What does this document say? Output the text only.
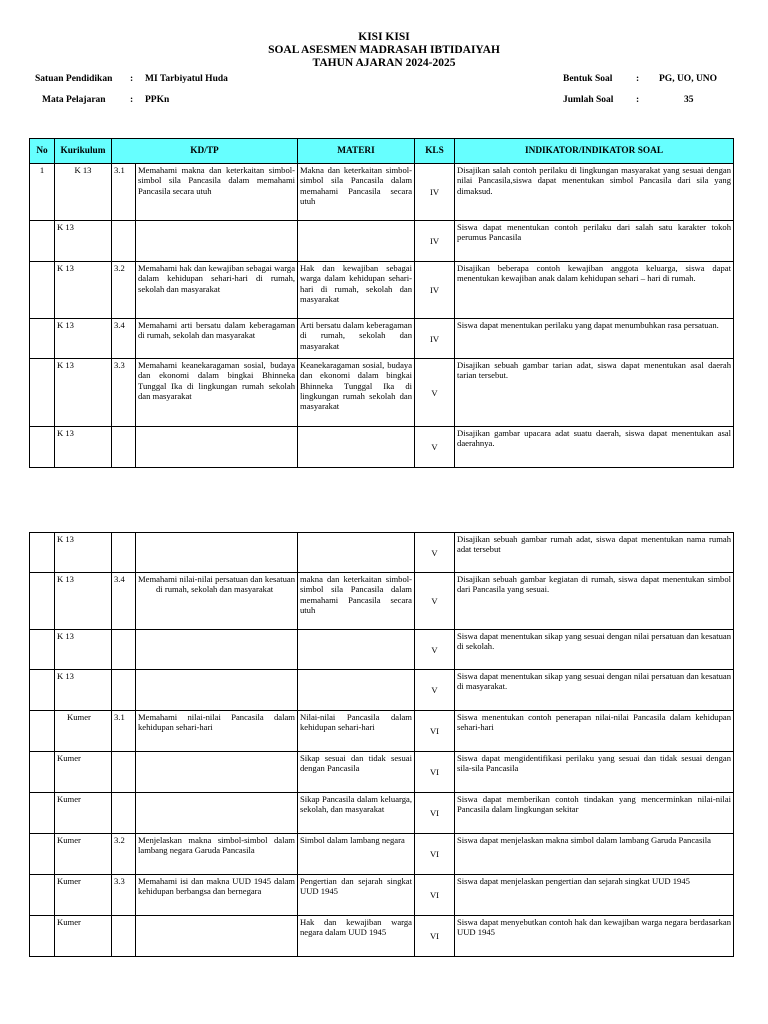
KISI KISI
SOAL ASESMEN MADRASAH IBTIDAIYAH
TAHUN AJARAN 2024-2025
Satuan Pendidikan : MI Tarbiyatul Huda
Mata Pelajaran	: PPKn
Bentuk Soal : PG, UO, UNO
Jumlah Soal :	35
No	Kurikulum	KD/TP		MATERI	KLS	INDIKATOR/INDIKATOR SOAL
1	K 13	3.1	Memahami makna dan keterkaitan simbol-simbol sila Pancasila dalam memahami Pancasila secara utuh	Makna dan keterkaitan simbol-simbol sila Pancasila dalam memahami Pancasila secara utuh	IV	Disajikan salah contoh perilaku di lingkungan masyarakat yang sesuai dengan nilai Pancasila,siswa dapat menentukan simbol Pancasila dari sila yang dimaksud.
	K 13				IV	Siswa dapat menentukan contoh perilaku dari salah satu karakter tokoh perumus Pancasila
	K 13	3.2	Memahami hak dan kewajiban sebagai warga dalam kehidupan sehari-hari di rumah, sekolah dan masyarakat	Hak dan kewajiban sebagai warga dalam kehidupan sehari-hari di rumah, sekolah dan masyarakat	IV	Disajikan beberapa contoh kewajiban anggota keluarga, siswa dapat menentukan kewajiban anak dalam kehidupan sehari – hari di rumah.
	K 13	3.4	Memahami arti bersatu dalam keberagaman di rumah, sekolah dan masyarakat	Arti bersatu dalam keberagaman di rumah, sekolah dan masyarakat	IV	Siswa dapat menentukan perilaku yang dapat menumbuhkan rasa persatuan.
	K 13	3.3	Memahami keanekaragaman sosial, budaya dan ekonomi dalam bingkai Bhinneka Tunggal Ika di lingkungan rumah sekolah dan masyarakat	Keanekaragaman sosial, budaya dan ekonomi dalam bingkai Bhinneka Tunggal Ika di lingkungan rumah sekolah dan masyarakat	V	Disajikan sebuah gambar tarian adat, siswa dapat menentukan asal daerah tarian tersebut.
	K 13				V	Disajikan gambar upacara adat suatu daerah, siswa dapat menentukan asal daerahnya.
	K 13				V	Disajikan sebuah gambar rumah adat, siswa dapat menentukan nama rumah adat tersebut
	K 13	3.4	Memahami nilai-nilai persatuan dan kesatuan di rumah, sekolah dan masyarakat	makna dan keterkaitan simbol-simbol sila Pancasila dalam memahami Pancasila secara utuh	V	Disajikan sebuah gambar kegiatan di rumah, siswa dapat menentukan simbol dari Pancasila yang sesuai.
	K 13				V	Siswa dapat menentukan sikap yang sesuai dengan nilai persatuan dan kesatuan di sekolah.
	K 13				V	Siswa dapat menentukan sikap yang sesuai dengan nilai persatuan dan kesatuan di masyarakat.
	Kumer	3.1	Memahami nilai-nilai Pancasila dalam kehidupan sehari-hari	Nilai-nilai Pancasila dalam kehidupan sehari-hari	VI	Siswa menentukan contoh penerapan nilai-nilai Pancasila dalam kehidupan sehari-hari
	Kumer			Sikap sesuai dan tidak sesuai dengan Pancasila	VI	Siswa dapat mengidentifikasi perilaku yang sesuai dan tidak sesuai dengan sila-sila Pancasila
	Kumer			Sikap Pancasila dalam keluarga, sekolah, dan masyarakat	VI	Siswa dapat memberikan contoh tindakan yang mencerminkan nilai-nilai Pancasila dalam lingkungan sekitar
	Kumer	3.2	Menjelaskan makna simbol-simbol dalam lambang negara Garuda Pancasila	Simbol dalam lambang negara	VI	Siswa dapat menjelaskan makna simbol dalam lambang Garuda Pancasila
	Kumer	3.3	Memahami isi dan makna UUD 1945 dalam kehidupan berbangsa dan bernegara	Pengertian dan sejarah singkat UUD 1945	VI	Siswa dapat menjelaskan pengertian dan sejarah singkat UUD 1945
	Kumer			Hak dan kewajiban warga negara dalam UUD 1945	VI	Siswa dapat menyebutkan contoh hak dan kewajiban warga negara berdasarkan UUD 1945
